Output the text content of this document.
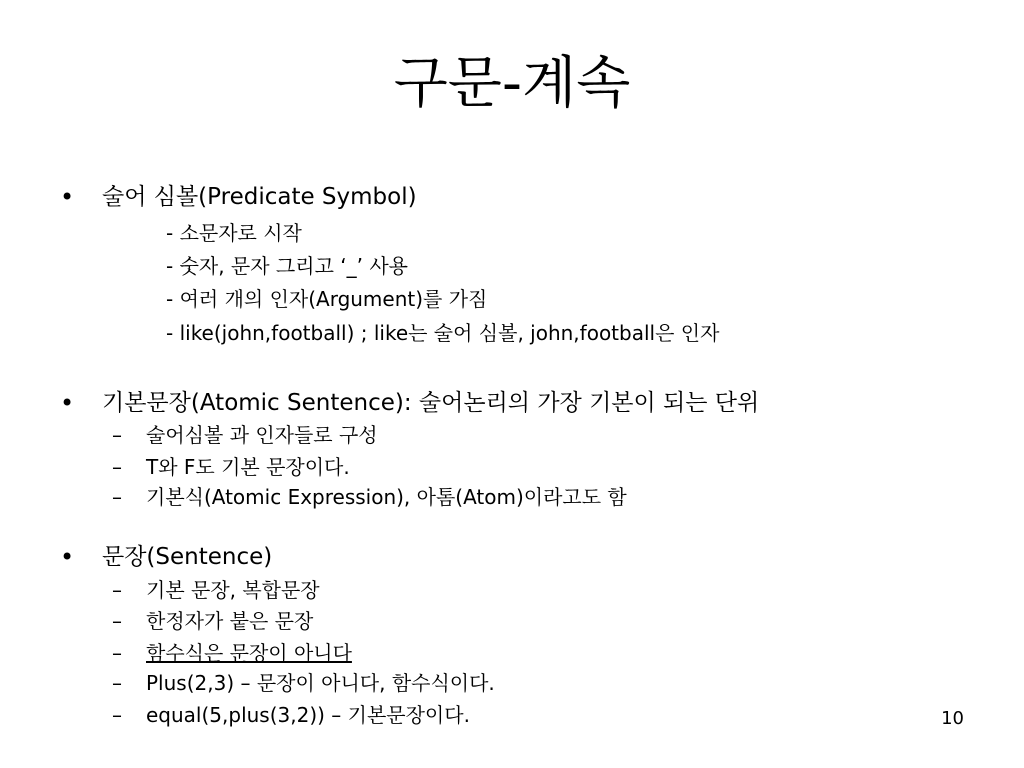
구문-계속
• 술어 심볼(Predicate Symbol)
- 소문자로 시작
- 숫자, 문자 그리고 ‘_’ 사용
- 여러 개의 인자(Argument)를 가짐
- like(john,football) ; like는 술어 심볼, john,football은 인자
• 기본문장(Atomic Sentence): 술어논리의 가장 기본이 되는 단위
– 술어심볼 과 인자들로 구성
– T와 F도 기본 문장이다.
– 기본식(Atomic Expression), 아톰(Atom)이라고도 함
• 문장(Sentence)
– 기본 문장, 복합문장
– 한정자가 붙은 문장
– 함수식은 문장이 아니다
– Plus(2,3) – 문장이 아니다, 함수식이다.
– equal(5,plus(3,2)) – 기본문장이다.	10
